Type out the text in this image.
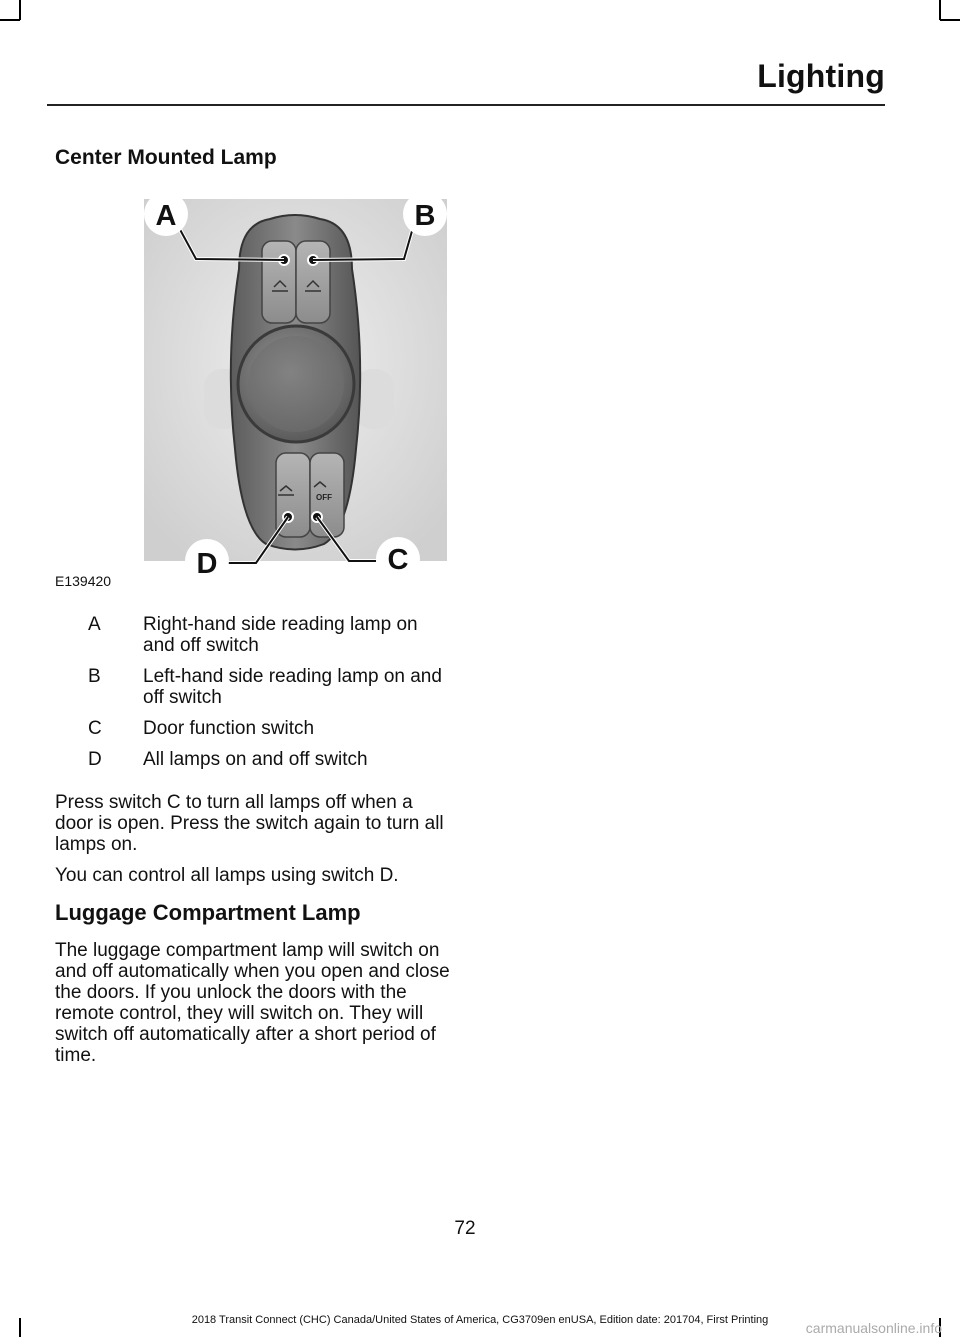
Lighting
Center Mounted Lamp
OFF
A	B
D	C
E139420
A Right-hand side reading lamp on and off switch
B Left-hand side reading lamp on and off switch
C Door function switch
D All lamps on and off switch
Press switch C to turn all lamps off when a door is open. Press the switch again to turn all lamps on.
You can control all lamps using switch D.
Luggage Compartment Lamp
The luggage compartment lamp will switch on and off automatically when you open and close the doors. If you unlock the doors with the remote control, they will switch on. They will switch off automatically after a short period of time.
72
2018 Transit Connect (CHC) Canada/United States of America, CG3709en enUSA, Edition date: 201704, First Printing	carmanualsonline.info
